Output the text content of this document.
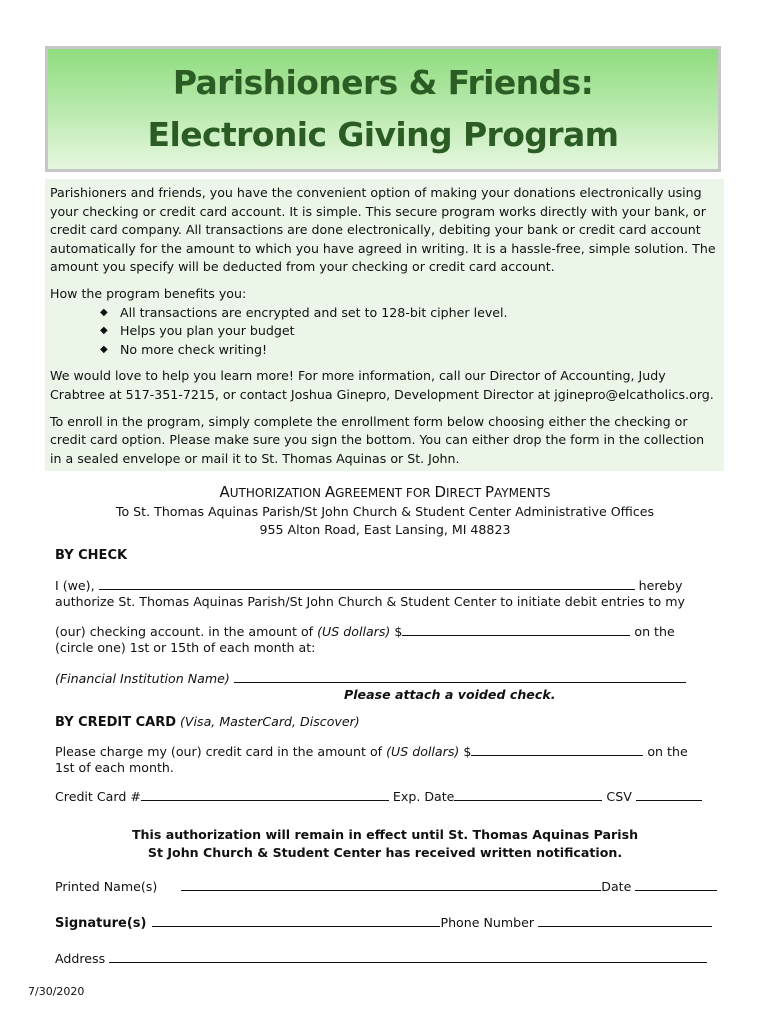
Parishioners & Friends:
Electronic Giving Program

Parishioners and friends, you have the convenient option of making your donations electronically using your checking or credit card account. It is simple. This secure program works directly with your bank, or credit card company. All transactions are done electronically, debiting your bank or credit card account automatically for the amount to which you have agreed in writing. It is a hassle-free, simple solution. The amount you specify will be deducted from your checking or credit card account.

How the program benefits you:
◆ All transactions are encrypted and set to 128-bit cipher level.
◆ Helps you plan your budget
◆ No more check writing!

We would love to help you learn more! For more information, call our Director of Accounting, Judy Crabtree at 517-351-7215, or contact Joshua Ginepro, Development Director at jginepro@elcatholics.org.

To enroll in the program, simply complete the enrollment form below choosing either the checking or credit card option. Please make sure you sign the bottom. You can either drop the form in the collection in a sealed envelope or mail it to St. Thomas Aquinas or St. John.

AUTHORIZATION AGREEMENT FOR DIRECT PAYMENTS
To St. Thomas Aquinas Parish/St John Church & Student Center Administrative Offices
955 Alton Road, East Lansing, MI 48823
BY CHECK
I (we),	hereby
authorize St. Thomas Aquinas Parish/St John Church & Student Center to initiate debit entries to my
(our) checking account. in the amount of (US dollars) $	on the
(circle one) 1st or 15th of each month at:
(Financial Institution Name)
Please attach a voided check.
BY CREDIT CARD (Visa, MasterCard, Discover)
Please charge my (our) credit card in the amount of (US dollars) $	on the
1st of each month.
Credit Card #	Exp. Date	CSV
This authorization will remain in effect until St. Thomas Aquinas Parish
St John Church & Student Center has received written notification.
Printed Name(s)	Date
Signature(s)	Phone Number
Address
7/30/2020
